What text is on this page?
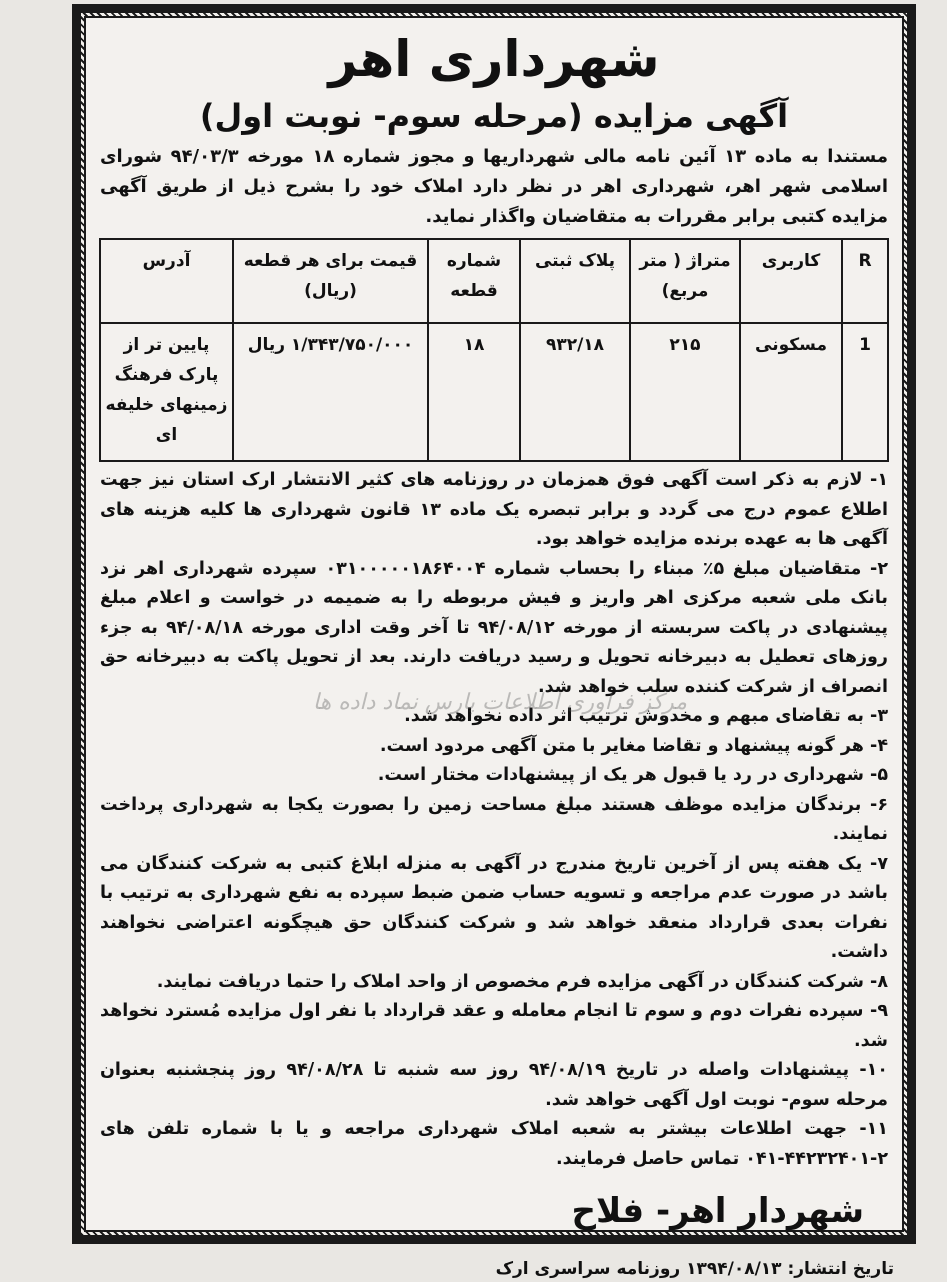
شهرداری اهر
آگهی مزایده (مرحله سوم- نوبت اول)
مستندا به ماده ۱۳ آئین نامه مالی شهرداریها و مجوز شماره ۱۸ مورخه ۹۴/۰۳/۳ شورای اسلامی شهر اهر، شهرداری اهر در نظر دارد املاک خود را بشرح ذیل از طریق آگهی مزایده کتبی برابر مقررات به متقاضیان واگذار نماید.
R	کاربری	متراژ ( متر مربع)	پلاک ثبتی	شماره قطعه	قیمت برای هر قطعه (ریال)	آدرس
1	مسکونی	۲۱۵	۹۳۲/۱۸	۱۸	۱/۳۴۳/۷۵۰/۰۰۰ ریال	پایین تر از پارک فرهنگ زمینهای خلیفه ای

۱- لازم به ذکر است آگهی فوق همزمان در روزنامه های کثیر الانتشار ارک استان نیز جهت اطلاع عموم درج می گردد و برابر تبصره یک ماده ۱۳ قانون شهرداری ها کلیه هزینه های آگهی ها به عهده برنده مزایده خواهد بود.

۲- متقاضیان مبلغ ۵٪ مبناء را بحساب شماره ۰۳۱۰۰۰۰۰۱۸۶۴۰۰۴ سپرده شهرداری اهر نزد بانک ملی شعبه مرکزی اهر واریز و فیش مربوطه را به ضمیمه در خواست و اعلام مبلغ پیشنهادی در پاکت سربسته از مورخه ۹۴/۰۸/۱۲ تا آخر وقت اداری مورخه ۹۴/۰۸/۱۸ به جزء روزهای تعطیل به دبیرخانه تحویل و رسید دریافت دارند. بعد از تحویل پاکت به دبیرخانه حق انصراف از شرکت کننده سلب خواهد شد.

۳- به تقاضای مبهم و مخدوش ترتیب اثر داده نخواهد شد.

۴- هر گونه پیشنهاد و تقاضا مغایر با متن آگهی مردود است.

۵- شهرداری در رد یا قبول هر یک از پیشنهادات مختار است.

۶- برندگان مزایده موظف هستند مبلغ مساحت زمین را بصورت یکجا به شهرداری پرداخت نمایند.

۷- یک هفته پس از آخرین تاریخ مندرج در آگهی به منزله ابلاغ کتبی به شرکت کنندگان می باشد در صورت عدم مراجعه و تسویه حساب ضمن ضبط سپرده به نفع شهرداری به ترتیب با نفرات بعدی قرارداد منعقد خواهد شد و شرکت کنندگان حق هیچگونه اعتراضی نخواهند داشت.

۸- شرکت کنندگان در آگهی مزایده فرم مخصوص از واحد املاک را حتما دریافت نمایند.

۹- سپرده نفرات دوم و سوم تا انجام معامله و عقد قرارداد با نفر اول مزایده مُسترد نخواهد شد.

۱۰- پیشنهادات واصله در تاریخ ۹۴/۰۸/۱۹ روز سه شنبه تا ۹۴/۰۸/۲۸ روز پنجشنبه بعنوان مرحله سوم- نوبت اول آگهی خواهد شد.

۱۱- جهت اطلاعات بیشتر به شعبه املاک شهرداری مراجعه و یا با شماره تلفن های ۲-۴۴۲۳۲۴۰۱-۰۴۱ تماس حاصل فرمایند.

شهردار اهر- فلاح
تاریخ انتشار: ۱۳۹۴/۰۸/۱۳ روزنامه سراسری ارک
مرکز فراوری اطلاعات پارس نماد داده ها
